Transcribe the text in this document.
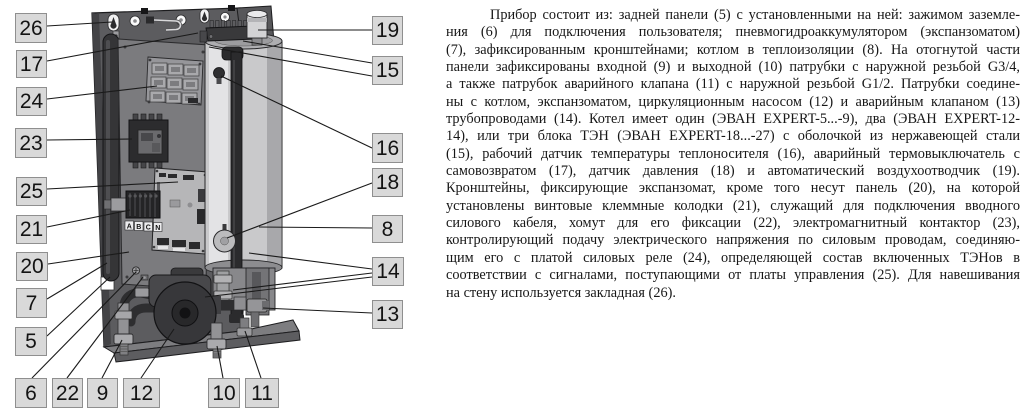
A B C N
26
17
24
23
25
21
20
7
5
6 22 9	12	10 11
19
15
16
18
8
14
13
Прибор состоит из: задней панели (5) с установленными на ней: зажимом заземле-
ния (6) для подключения пользователя; пневмогидроаккумулятором (экспанзоматом)
(7), зафиксированным кронштейнами; котлом в теплоизоляции (8). На отогнутой части
панели зафиксированы входной (9) и выходной (10) патрубки с наружной резьбой G3/4,
а также патрубок аварийного клапана (11) с наружной резьбой G1/2. Патрубки соедине-
ны с котлом, экспанзоматом, циркуляционным насосом (12) и аварийным клапаном (13)
трубопроводами (14). Котел имеет один (ЭВАН EXPERT-5...-9), два (ЭВАН EXPERT-12-
14), или три блока ТЭН (ЭВАН EXPERT-18...-27) с оболочкой из нержавеющей стали
(15), рабочий датчик температуры теплоносителя (16), аварийный термовыключатель с
самовозвратом (17), датчик давления (18) и автоматический воздухоотводчик (19).
Кронштейны, фиксирующие экспанзомат, кроме того несут панель (20), на которой
установлены винтовые клеммные колодки (21), служащий для подключения вводного
силового кабеля, хомут для его фиксации (22), электромагнитный контактор (23),
контролирующий подачу электрического напряжения по силовым проводам, соединяю-
щим его с платой силовых реле (24), определяющей состав включенных ТЭНов в
соответствии с сигналами, поступающими от платы управления (25). Для навешивания
на стену используется закладная (26).
